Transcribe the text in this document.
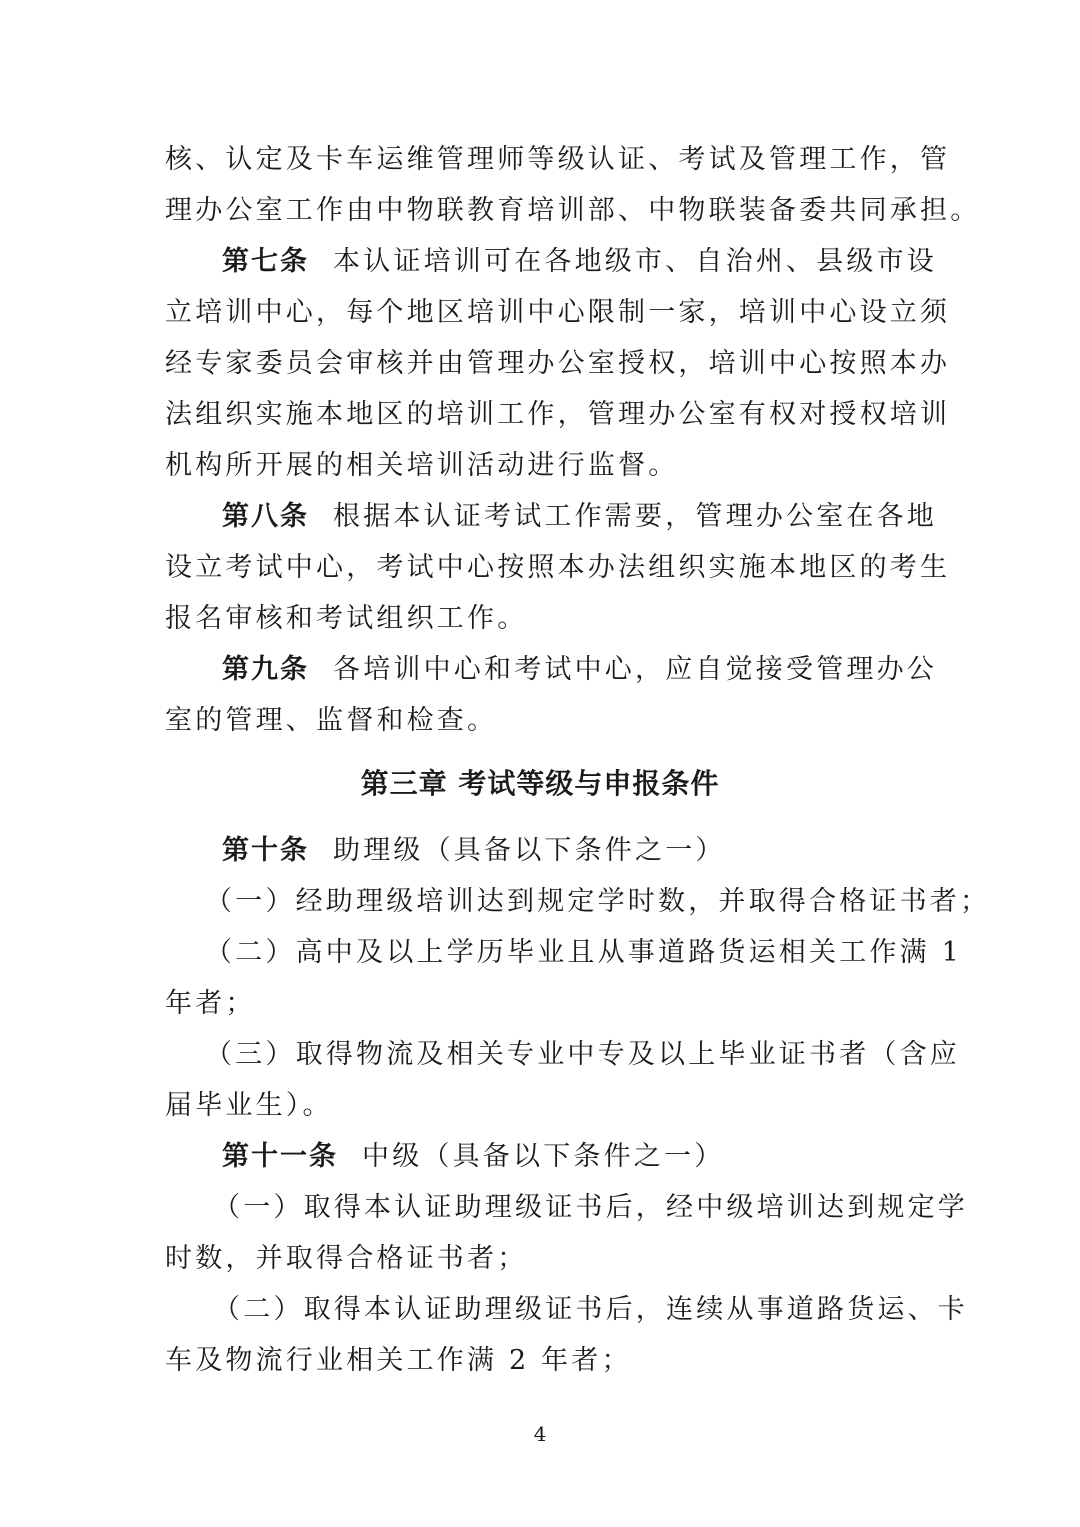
核、认定及卡车运维管理师等级认证、考试及管理工作，管
理办公室工作由中物联教育培训部、中物联装备委共同承担。
第七条 本认证培训可在各地级市、自治州、县级市设
立培训中心，每个地区培训中心限制一家，培训中心设立须
经专家委员会审核并由管理办公室授权，培训中心按照本办
法组织实施本地区的培训工作，管理办公室有权对授权培训
机构所开展的相关培训活动进行监督。
第八条 根据本认证考试工作需要，管理办公室在各地
设立考试中心，考试中心按照本办法组织实施本地区的考生
报名审核和考试组织工作。
第九条 各培训中心和考试中心，应自觉接受管理办公
室的管理、监督和检查。
第三章 考试等级与申报条件
第十条 助理级（具备以下条件之一）
（一）经助理级培训达到规定学时数，并取得合格证书者；
（二）高中及以上学历毕业且从事道路货运相关工作满 1
年者；
（三）取得物流及相关专业中专及以上毕业证书者（含应
届毕业生）。
第十一条 中级（具备以下条件之一）
（一）取得本认证助理级证书后，经中级培训达到规定学
时数，并取得合格证书者；
（二）取得本认证助理级证书后，连续从事道路货运、卡
车及物流行业相关工作满 2 年者；
4
